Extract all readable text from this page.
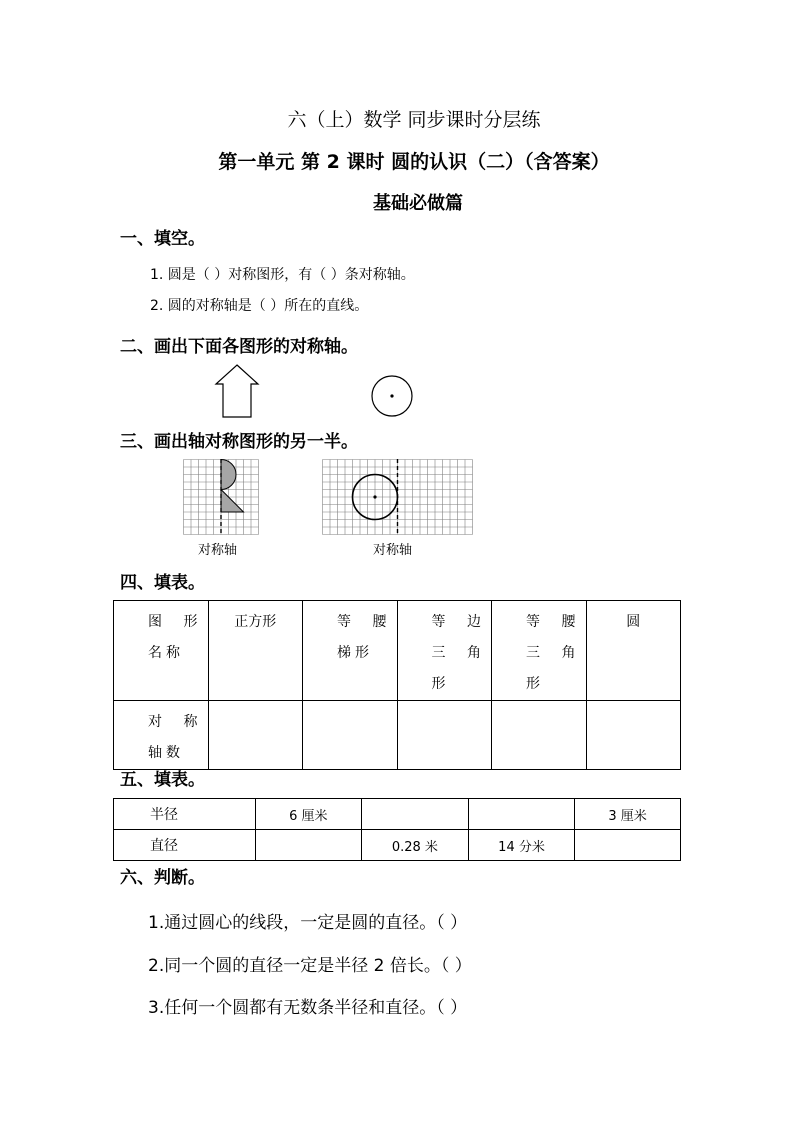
六（上）数学 同步课时分层练
第一单元 第 2 课时 圆的认识（二）（含答案）
基础必做篇
一、填空。
1. 圆是（ ）对称图形，有（ ）条对称轴。
2. 圆的对称轴是（ ）所在的直线。
二、画出下面各图形的对称轴。
三、画出轴对称图形的另一半。
对称轴	对称轴
四、填表。
图形名称	正方形	等腰梯形	等边三角形	等腰三角形	圆

对称轴数					

五、填表。
半径	6 厘米			3 厘米
直径		0.28 米	14 分米	
六、判断。
1.通过圆心的线段，一定是圆的直径。（ ）
2.同一个圆的直径一定是半径 2 倍长。（ ）
3.任何一个圆都有无数条半径和直径。（ ）
